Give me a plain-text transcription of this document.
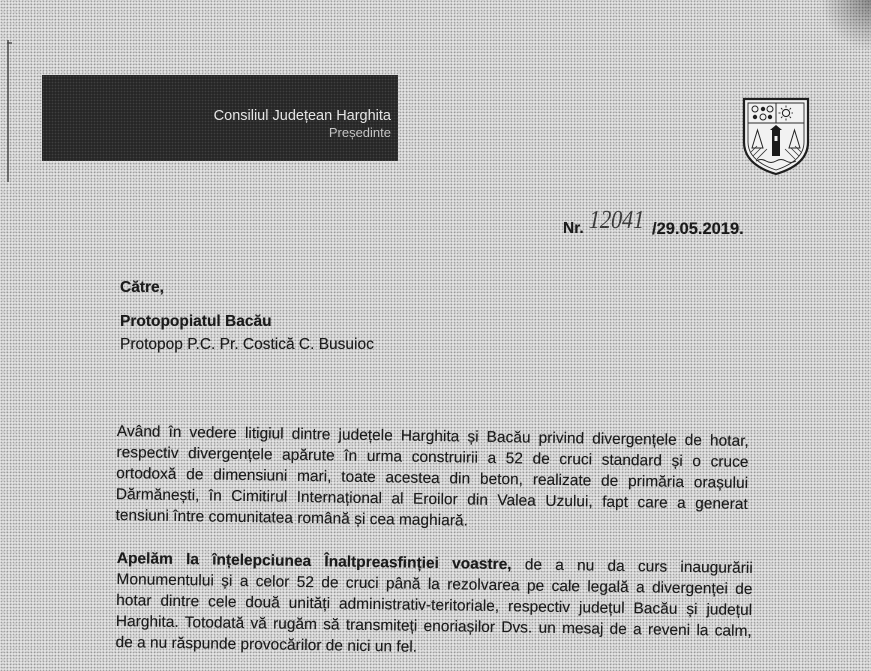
Consiliul Județean Harghita
Președinte
Nr. 12041 /29.05.2019.
Către,
Protopopiatul Bacău
Protopop P.C. Pr. Costică C. Busuioc
Având în vedere litigiul dintre județele Harghita și Bacău privind divergențele de hotar,
respectiv divergențele apărute în urma construirii a 52 de cruci standard și o cruce
ortodoxă de dimensiuni mari, toate acestea din beton, realizate de primăria orașului
Dărmănești, în Cimitirul Internațional al Eroilor din Valea Uzului, fapt care a generat
tensiuni între comunitatea română și cea maghiară.
Apelăm la înțelepciunea Înaltpreasfinției voastre, de a nu da curs inaugurării
Monumentului și a celor 52 de cruci până la rezolvarea pe cale legală a divergenței de
hotar dintre cele două unități administrativ-teritoriale, respectiv județul Bacău și județul
Harghita. Totodată vă rugăm să transmiteți enoriașilor Dvs. un mesaj de a reveni la calm,
de a nu răspunde provocărilor de nici un fel.
